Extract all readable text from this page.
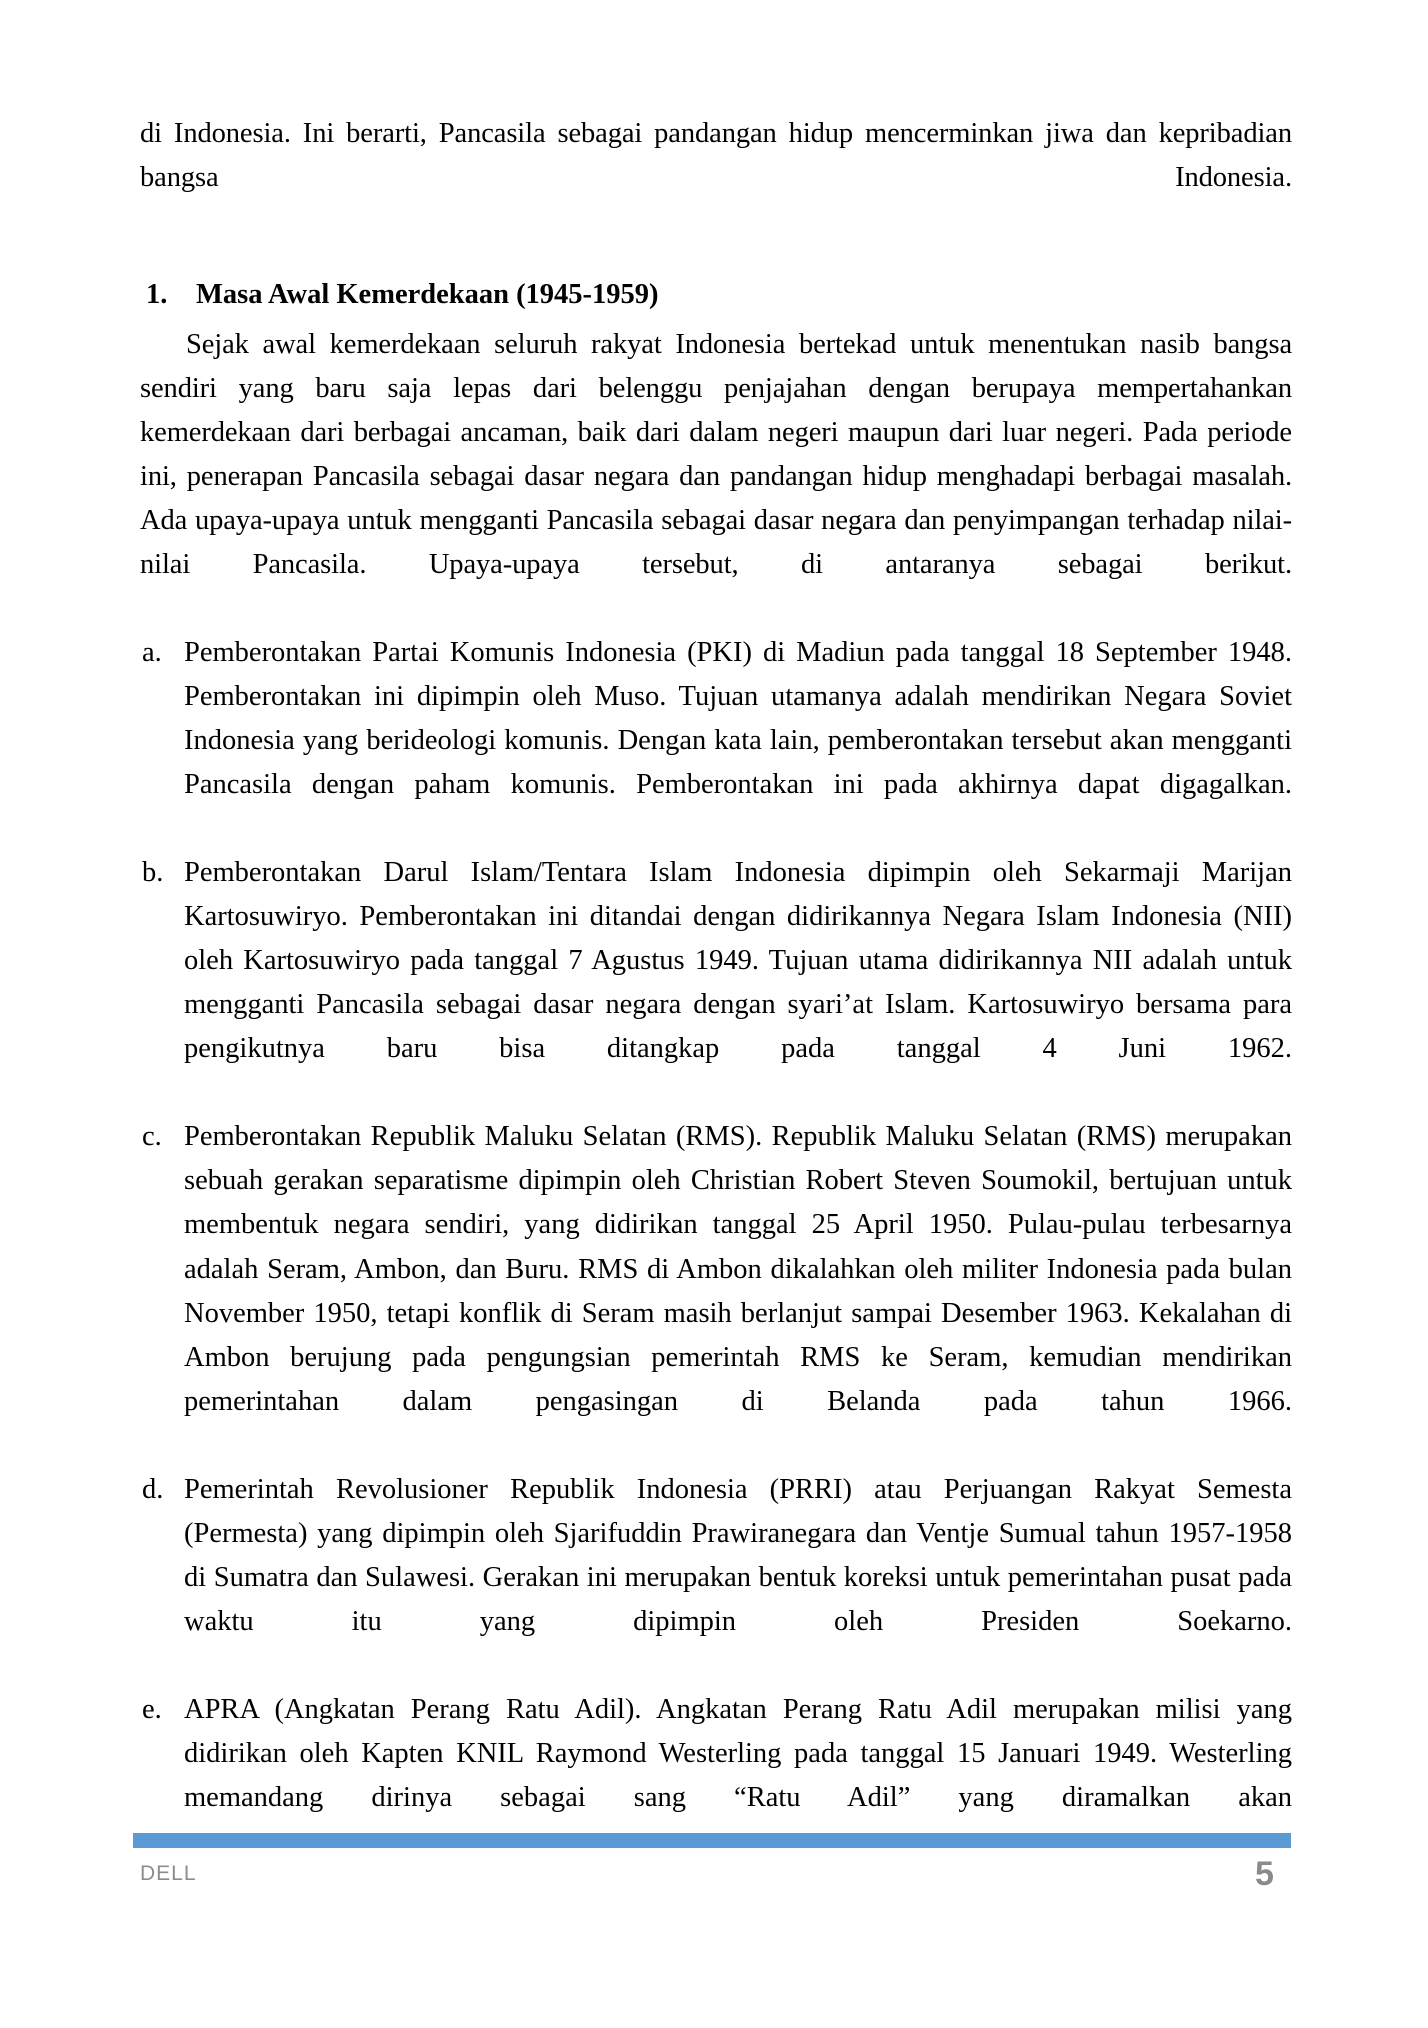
di Indonesia. Ini berarti, Pancasila sebagai pandangan hidup mencerminkan jiwa dan kepribadian bangsa Indonesia.

1.	Masa Awal Kemerdekaan (1945-1959)

Sejak awal kemerdekaan seluruh rakyat Indonesia bertekad untuk menentukan nasib bangsa sendiri yang baru saja lepas dari belenggu penjajahan dengan berupaya mempertahankan kemerdekaan dari berbagai ancaman, baik dari dalam negeri maupun dari luar negeri. Pada periode ini, penerapan Pancasila sebagai dasar negara dan pandangan hidup menghadapi berbagai masalah. Ada upaya-upaya untuk mengganti Pancasila sebagai dasar negara dan penyimpangan terhadap nilai-nilai Pancasila. Upaya-upaya tersebut, di antaranya sebagai berikut.

a. Pemberontakan Partai Komunis Indonesia (PKI) di Madiun pada tanggal 18 September 1948. Pemberontakan ini dipimpin oleh Muso. Tujuan utamanya adalah mendirikan Negara Soviet Indonesia yang berideologi komunis. Dengan kata lain, pemberontakan tersebut akan mengganti Pancasila dengan paham komunis. Pemberontakan ini pada akhirnya dapat digagalkan.
b. Pemberontakan Darul Islam/Tentara Islam Indonesia dipimpin oleh Sekarmaji Marijan Kartosuwiryo. Pemberontakan ini ditandai dengan didirikannya Negara Islam Indonesia (NII) oleh Kartosuwiryo pada tanggal 7 Agustus 1949. Tujuan utama didirikannya NII adalah untuk mengganti Pancasila sebagai dasar negara dengan syari’at Islam. Kartosuwiryo bersama para pengikutnya baru bisa ditangkap pada tanggal 4 Juni 1962.
c. Pemberontakan Republik Maluku Selatan (RMS). Republik Maluku Selatan (RMS) merupakan sebuah gerakan separatisme dipimpin oleh Christian Robert Steven Soumokil, bertujuan untuk membentuk negara sendiri, yang didirikan tanggal 25 April 1950. Pulau-pulau terbesarnya adalah Seram, Ambon, dan Buru. RMS di Ambon dikalahkan oleh militer Indonesia pada bulan November 1950, tetapi konflik di Seram masih berlanjut sampai Desember 1963. Kekalahan di Ambon berujung pada pengungsian pemerintah RMS ke Seram, kemudian mendirikan pemerintahan dalam pengasingan di Belanda pada tahun 1966.
d. Pemerintah Revolusioner Republik Indonesia (PRRI) atau Perjuangan Rakyat Semesta (Permesta) yang dipimpin oleh Sjarifuddin Prawiranegara dan Ventje Sumual tahun 1957-1958 di Sumatra dan Sulawesi. Gerakan ini merupakan bentuk koreksi untuk pemerintahan pusat pada waktu itu yang dipimpin oleh Presiden Soekarno.
e. APRA (Angkatan Perang Ratu Adil). Angkatan Perang Ratu Adil merupakan milisi yang didirikan oleh Kapten KNIL Raymond Westerling pada tanggal 15 Januari 1949. Westerling memandang dirinya sebagai sang “Ratu Adil” yang diramalkan akan
DELL	5
